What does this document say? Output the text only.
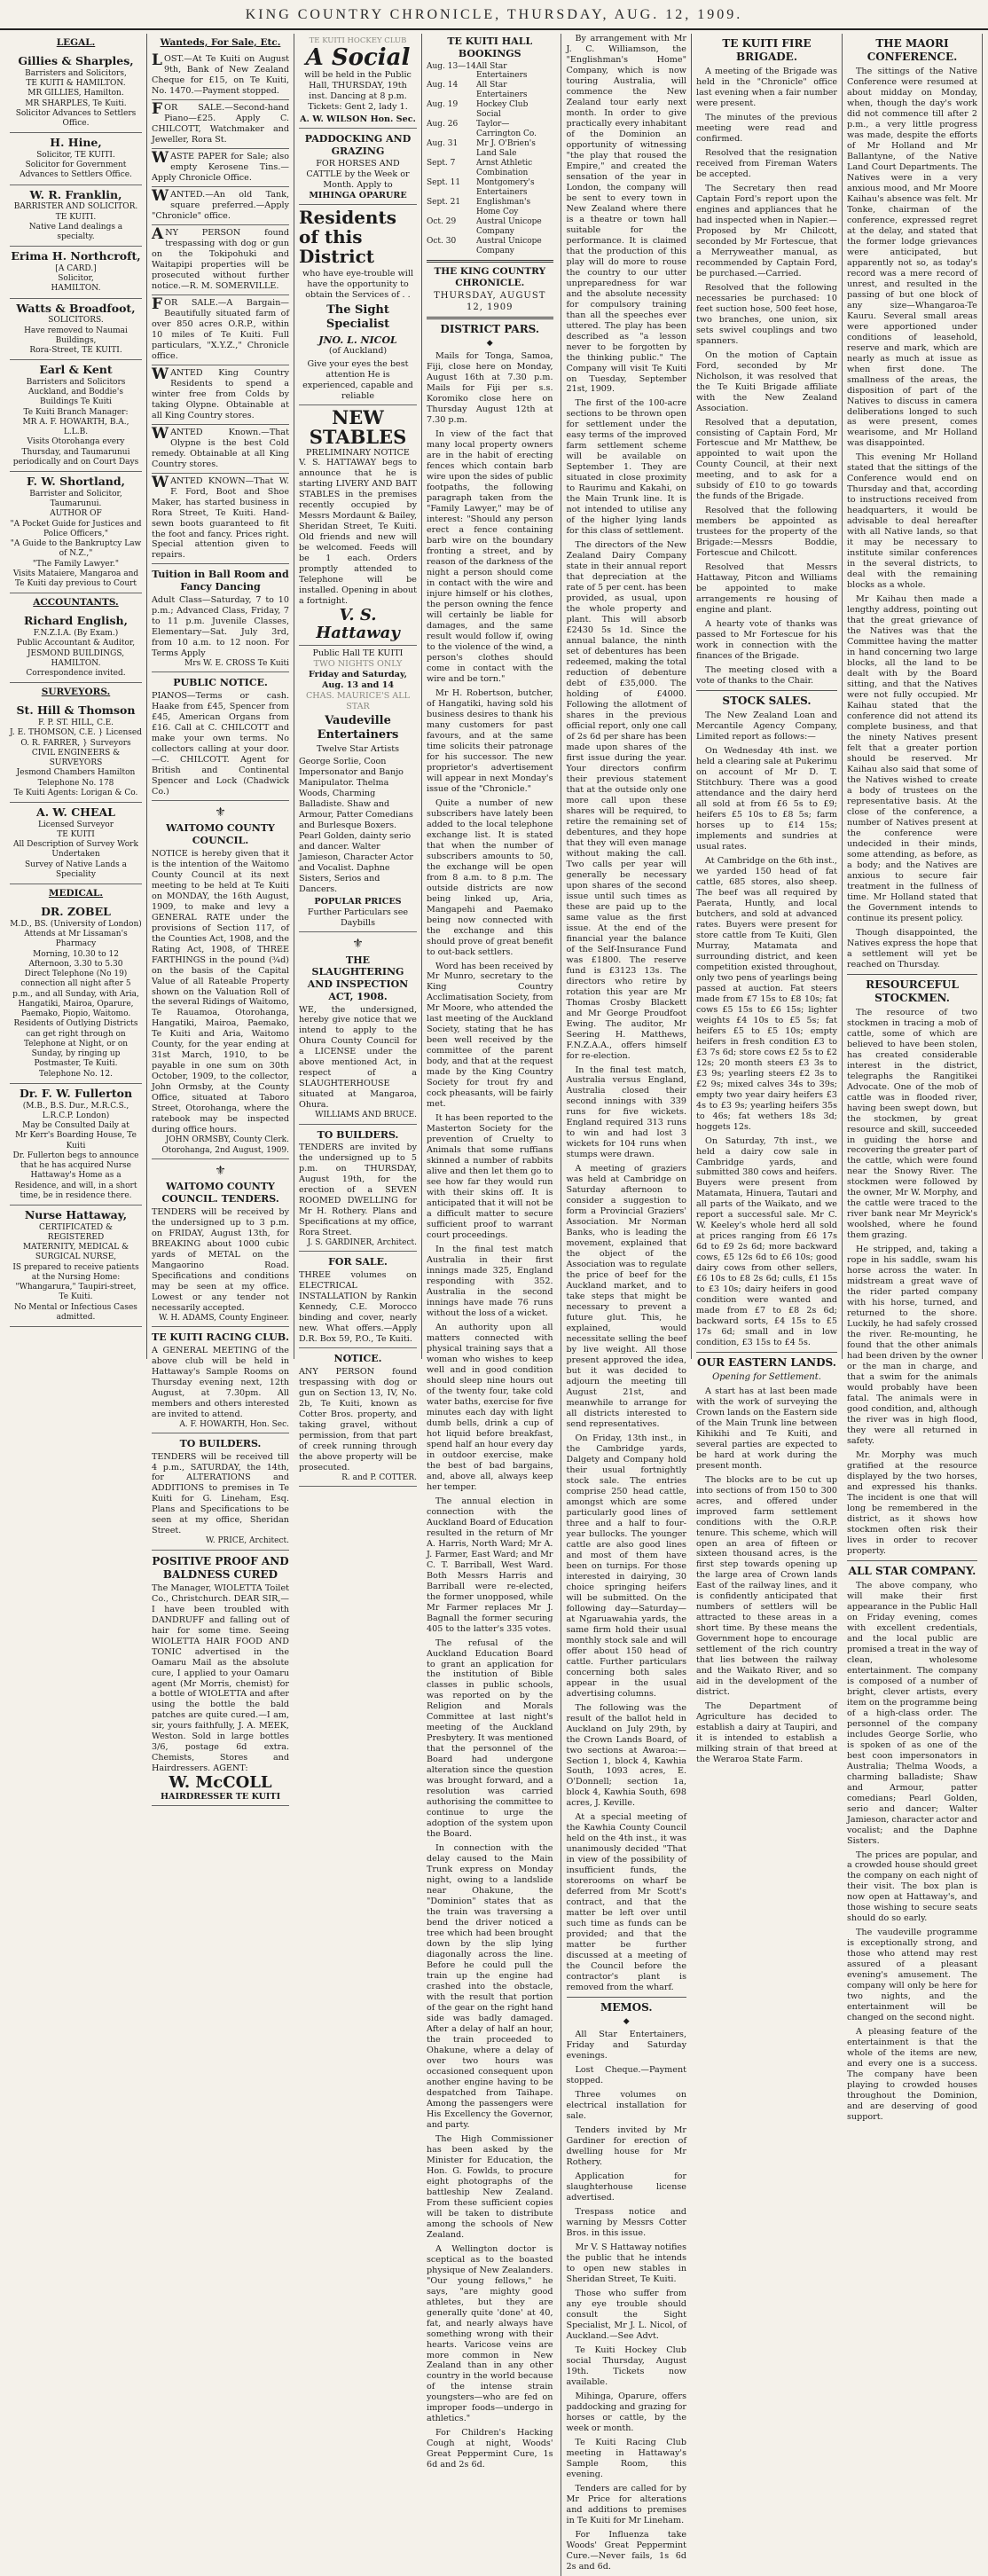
KING COUNTRY CHRONICLE, THURSDAY, AUG. 12, 1909.
LEGAL.
Gillies & Sharples,
Barristers and Solicitors,
TE KUITI & HAMILTON.
MR GILLIES, Hamilton.
MR SHARPLES, Te Kuiti.
Solicitor Advances to Settlers Office.
H. Hine,
Solicitor, TE KUITI.
Solicitor for Government Advances to Settlers Office.
W. R. Franklin,
BARRISTER AND SOLICITOR.
TE KUITI.
Native Land dealings a specialty.
Erima H. Northcroft,
[A CARD.]
Solicitor,
HAMILTON.
Watts & Broadfoot,
SOLICITORS.
Have removed to Naumai Buildings,
Rora-Street, TE KUITI.
Earl & Kent
Barristers and Solicitors
Auckland, and Boddie's Buildings Te Kuiti
Te Kuiti Branch Manager:
MR A. F. HOWARTH, B.A., L.L.B.
Visits Otorohanga every Thursday, and Taumarunui periodically and on Court Days
F. W. Shortland,
Barrister and Solicitor,
Taumarunui.
AUTHOR OF
"A Pocket Guide for Justices and Police Officers,"
"A Guide to the Bankruptcy Law of N.Z.,"
"The Family Lawyer."
Visits Mataiere, Mangaroa and Te Kuiti day previous to Court
ACCOUNTANTS.
Richard English,
F.N.Z.I.A. (By Exam.)
Public Accountant & Auditor,
JESMOND BUILDINGS,
HAMILTON.
Correspondence invited.
SURVEYORS.
St. Hill & Thomson
F. P. ST. HILL, C.E.
J. E. THOMSON, C.E. } Licensed
O. R. FARRER, } Surveyors
CIVIL ENGINEERS & SURVEYORS
Jesmond Chambers Hamilton
Telephone No. 178
Te Kuiti Agents: Lorigan & Co.
A. W. CHEAL
Licensed Surveyor
TE KUITI
All Description of Survey Work Undertaken
Survey of Native Lands a Speciality
MEDICAL.
DR. ZOBEL
M.D., BS. (University of London)
Attends at Mr Lissaman's Pharmacy
Morning, 10.30 to 12
Afternoon, 3.30 to 5.30
Direct Telephone (No 19) connection all night after 5 p.m., and all Sunday, with Aria, Hangatiki, Mairoa, Oparure, Paemako, Piopio, Waitomo.
Residents of Outlying Districts can get right through on Telephone at Night, or on Sunday, by ringing up Postmaster, Te Kuiti.
Telephone No. 12.
Dr. F. W. Fullerton
(M.B., B.S. Dur., M.R.C.S., L.R.C.P. London)
May be Consulted Daily at
Mr Kerr's Boarding House, Te Kuiti
Dr. Fullerton begs to announce that he has acquired Nurse Hattaway's Home as a Residence, and will, in a short time, be in residence there.
Nurse Hattaway,
CERTIFICATED & REGISTERED
MATERNITY, MEDICAL & SURGICAL NURSE,
IS prepared to receive patients at the Nursing Home:
"Whangarura," Taupiri-street, Te Kuiti.
No Mental or Infectious Cases admitted.
Wanteds, For Sale, Etc.
LOST.—At Te Kuiti on August 9th, Bank of New Zealand Cheque for £15, on Te Kuiti, No. 1470.—Payment stopped.
FOR SALE.—Second-hand Piano—£25. Apply C. CHILCOTT, Watchmaker and Jeweller, Rora St.
WASTE PAPER for Sale; also empty Kerosene Tins.—Apply Chronicle Office.
WANTED.—An old Tank, square preferred.—Apply "Chronicle" office.
ANY PERSON found trespassing with dog or gun on the Tokipohuki and Waitapipi properties will be prosecuted without further notice.—R. M. SOMERVILLE.
FOR SALE.—A Bargain—Beautifully situated farm of over 850 acres O.R.P., within 10 miles of Te Kuiti. Full particulars, "X.Y.Z.," Chronicle office.
WANTED King Country Residents to spend a winter free from Colds by taking Olypne. Obtainable at all King Country stores.
WANTED Known.—That Olypne is the best Cold remedy. Obtainable at all King Country stores.
WANTED KNOWN—That W. F. Ford, Boot and Shoe Maker, has started business in Rora Street, Te Kuiti. Hand-sewn boots guaranteed to fit the foot and fancy. Prices right. Special attention given to repairs.
Tuition in Ball Room and Fancy Dancing
Adult Class—Saturday, 7 to 10 p.m.; Advanced Class, Friday, 7 to 11 p.m. Juvenile Classes, Elementary—Sat. July 3rd, from 10 a.m. to 12 noon. For Terms Apply
Mrs W. E. CROSS Te Kuiti
PUBLIC NOTICE.
PIANOS—Terms or cash. Haake from £45, Spencer from £45, American Organs from £16. Call at C. CHILCOTT and make your own terms. No collectors calling at your door.—C. CHILCOTT. Agent for British and Continental Spencer and Lock (Chadwick Co.)
⚜
WAITOMO COUNTY COUNCIL.
NOTICE is hereby given that it is the intention of the Waitomo County Council at its next meeting to be held at Te Kuiti on MONDAY, the 16th August, 1909, to make and levy a GENERAL RATE under the provisions of Section 117, of the Counties Act, 1908, and the Rating Act, 1908, of THREE FARTHINGS in the pound (¾d) on the basis of the Capital Value of all Rateable Property shown on the Valuation Roll of the several Ridings of Waitomo, Te Rauamoa, Otorohanga, Hangatiki, Mairoa, Paemako, Te Kuiti and Aria, Waitomo County, for the year ending at 31st March, 1910, to be payable in one sum on 30th October, 1909, to the collector, John Ormsby, at the County Office, situated at Taboro Street, Otorohanga, where the ratebook may be inspected during office hours.
JOHN ORMSBY, County Clerk. Otorohanga, 2nd August, 1909.
⚜
WAITOMO COUNTY COUNCIL. TENDERS.
TENDERS will be received by the undersigned up to 3 p.m. on FRIDAY, August 13th, for BREAKING about 1000 cubic yards of METAL on the Mangaorino Road. Specifications and conditions may be seen at my office. Lowest or any tender not necessarily accepted.
W. H. ADAMS, County Engineer.
TE KUITI RACING CLUB.
A GENERAL MEETING of the above club will be held in Hattaway's Sample Rooms on Thursday evening next, 12th August, at 7.30pm. All members and others interested are invited to attend.
A. F. HOWARTH, Hon. Sec.
TO BUILDERS.
TENDERS will be received till 4 p.m., SATURDAY, the 14th, for ALTERATIONS and ADDITIONS to premises in Te Kuiti for G. Lineham, Esq. Plans and Specifications to be seen at my office, Sheridan Street.
W. PRICE, Architect.
POSITIVE PROOF AND BALDNESS CURED
The Manager, WIOLETTA Toilet Co., Christchurch. DEAR SIR,—I have been troubled with DANDRUFF and falling out of hair for some time. Seeing WIOLETTA HAIR FOOD AND TONIC advertised in the Oamaru Mail as the absolute cure, I applied to your Oamaru agent (Mr Morris, chemist) for a bottle of WIOLETTA and after using the bottle the bald patches are quite cured.—I am, sir, yours faithfully, J. A. MEEK, Weston. Sold in large bottles 3/6, postage 6d extra. Chemists, Stores and Hairdressers. AGENT:
W. McCOLL
HAIRDRESSER TE KUITI
TE KUITI HOCKEY CLUB
A Social
will be held in the Public Hall, THURSDAY, 19th inst. Dancing at 8 p.m. Tickets: Gent 2, lady 1.
A. W. WILSON Hon. Sec.
PADDOCKING AND GRAZING
FOR HORSES AND CATTLE by the Week or Month. Apply to
MIHINGA OPARURE
Residents of this District
who have eye-trouble will have the opportunity to obtain the Services of . .
The Sight Specialist
JNO. L. NICOL
(of Auckland)
Give your eyes the best attention He is experienced, capable and reliable
NEW STABLES
PRELIMINARY NOTICE
V. S. HATTAWAY begs to announce that he is starting LIVERY AND BAIT STABLES in the premises recently occupied by Messrs Mordaunt & Bailey, Sheridan Street, Te Kuiti. Old friends and new will be welcomed. Feeds will be 1 each. Orders promptly attended to Telephone will be installed. Opening in about a fortnight.
V. S. Hattaway
Public Hall TE KUITI
TWO NIGHTS ONLY
Friday and Saturday, Aug. 13 and 14
CHAS. MAURICE'S ALL STAR
Vaudeville Entertainers
Twelve Star Artists
George Sorlie, Coon Impersonator and Banjo Manipulator. Thelma Woods, Charming Balladiste. Shaw and Armour, Patter Comedians and Burlesque Boxers. Pearl Golden, dainty serio and dancer. Walter Jamieson, Character Actor and Vocalist. Daphne Sisters, Serios and Dancers.
POPULAR PRICES
Further Particulars see Daybills
⚜
THE SLAUGHTERING AND INSPECTION ACT, 1908.
WE, the undersigned, hereby give notice that we intend to apply to the Ohura County Council for a LICENSE under the above mentioned Act, in respect of a SLAUGHTERHOUSE situated at Mangaroa, Ohura.
WILLIAMS AND BRUCE.
TO BUILDERS.
TENDERS are invited by the undersigned up to 5 p.m. on THURSDAY, August 19th, for the erection of a SEVEN ROOMED DWELLING for Mr H. Rothery. Plans and Specifications at my office, Rora Street.
J. S. GARDINER, Architect.
FOR SALE.
THREE volumes on ELECTRICAL INSTALLATION by Rankin Kennedy, C.E. Morocco binding and cover, nearly new. What offers.—Apply D.R. Box 59, P.O., Te Kuiti.
NOTICE.
ANY PERSON found trespassing with dog or gun on Section 13, IV, No. 2b, Te Kuiti, known as Cotter Bros. property, and taking gravel, without permission, from that part of creek running through the above property will be prosecuted.
R. and P. COTTER.
TE KUITI HALL BOOKINGS
Aug. 13—14 All Star Entertainers
Aug. 14	All Star Entertainers
Aug. 19	Hockey Club Social
Aug. 26	Taylor—Carrington Co.
Aug. 31	Mr J. O'Brien's Land Sale
Sept. 7	Arnst Athletic Combination
Sept. 11	Montgomery's Entertainers
Sept. 21	Englishman's Home Coy
Oct. 29	Austral Unicope Company
Oct. 30	Austral Unicope Company
THE KING COUNTRY CHRONICLE.
THURSDAY, AUGUST 12, 1909
DISTRICT PARS.
◆

Mails for Tonga, Samoa, Fiji, close here on Monday, August 16th at 7.30 p.m. Mails for Fiji per s.s. Koromiko close here on Thursday August 12th at 7.30 p.m.

In view of the fact that many local property owners are in the habit of erecting fences which contain barb wire upon the sides of public footpaths, the following paragraph taken from the "Family Lawyer," may be of interest: "Should any person erect a fence containing barb wire on the boundary fronting a street, and by reason of the darkness of the night a person should come in contact with the wire and injure himself or his clothes, the person owning the fence will certainly be liable for damages, and the same result would follow if, owing to the violence of the wind, a person's clothes should come in contact with the wire and be torn."

Mr H. Robertson, butcher, of Hangatiki, having sold his business desires to thank his many customers for past favours, and at the same time solicits their patronage for his successor. The new proprietor's advertisement will appear in next Monday's issue of the "Chronicle."

Quite a number of new subscribers have lately been added to the local telephone exchange list. It is stated that when the number of subscribers amounts to 50, the exchange will be open from 8 a.m. to 8 p.m. The outside districts are now being linked up, Aria, Mangapehi and Paemako being now connected with the exchange and this should prove of great benefit to out-back settlers.

Word has been received by Mr Munro, secretary to the King Country Acclimatisation Society, from Mr Moore, who attended the last meeting of the Auckland Society, stating that he has been well received by the committee of the parent body, and that at the request made by the King Country Society for trout fry and cock pheasants, will be fairly met.

It has been reported to the Masterton Society for the prevention of Cruelty to Animals that some ruffians skinned a number of rabbits alive and then let them go to see how far they would run with their skins off. It is anticipated that it will not be a difficult matter to secure sufficient proof to warrant court proceedings.

In the final test match Australia in their first innings made 325, England responding with 352. Australia in the second innings have made 76 runs without the loss of a wicket.

An authority upon all matters connected with physical training says that a woman who wishes to keep well and in good condition should sleep nine hours out of the twenty four, take cold water baths, exercise for five minutes each day with light dumb bells, drink a cup of hot liquid before breakfast, spend half an hour every day in outdoor exercise, make the best of bad bargains, and, above all, always keep her temper.

The annual election in connection with the Auckland Board of Education resulted in the return of Mr A. Harris, North Ward; Mr A. J. Farmer, East Ward; and Mr C. T. Barriball, West Ward. Both Messrs Harris and Barriball were re-elected, the former unopposed, while Mr Farmer replaces Mr J. Bagnall the former securing 405 to the latter's 335 votes.

The refusal of the Auckland Education Board to grant an application for the institution of Bible classes in public schools, was reported on by the Religion and Morals Committee at last night's meeting of the Auckland Presbytery. It was mentioned that the personnel of the Board had undergone alteration since the question was brought forward, and a resolution was carried authorising the committee to continue to urge the adoption of the system upon the Board.

In connection with the delay caused to the Main Trunk express on Monday night, owing to a landslide near Ohakune, the "Dominion" states that as the train was traversing a bend the driver noticed a tree which had been brought down by the slip lying diagonally across the line. Before he could pull the train up the engine had crashed into the obstacle, with the result that portion of the gear on the right hand side was badly damaged. After a delay of half an hour, the train proceeded to Ohakune, where a delay of over two hours was occasioned consequent upon another engine having to be despatched from Taihape. Among the passengers were His Excellency the Governor, and party.

The High Commissioner has been asked by the Minister for Education, the Hon. G. Fowlds, to procure eight photographs of the battleship New Zealand. From these sufficient copies will be taken to distribute among the schools of New Zealand.

A Wellington doctor is sceptical as to the boasted physique of New Zealanders. "Our young fellows," he says, "are mighty good athletes, but they are generally quite 'done' at 40, fat, and nearly always have something wrong with their hearts. Varicose veins are more common in New Zealand than in any other country in the world because of the intense strain youngsters—who are fed on improper foods—undergo in athletics."

For Children's Hacking Cough at night, Woods' Great Peppermint Cure, 1s 6d and 2s 6d.

By arrangement with Mr J. C. Williamson, the "Englishman's Home" Company, which is now touring Australia, will commence the New Zealand tour early next month. In order to give practically every inhabitant of the Dominion an opportunity of witnessing "the play that roused the Empire," and created the sensation of the year in London, the company will be sent to every town in New Zealand where there is a theatre or town hall suitable for the performance. It is claimed that the production of this play will do more to rouse the country to our utter unpreparedness for war and the absolute necessity for compulsory training than all the speeches ever uttered. The play has been described as "a lesson never to be forgotten by the thinking public." The Company will visit Te Kuiti on Tuesday, September 21st, 1909.

The first of the 100-acre sections to be thrown open for settlement under the easy terms of the improved farm settlement scheme will be available on September 1. They are situated in close proximity to Raurimu and Kakahi, on the Main Trunk line. It is not intended to utilise any of the higher lying lands for this class of settlement.

The directors of the New Zealand Dairy Company state in their annual report that depreciation at the rate of 5 per cent. has been provided, as usual, upon the whole property and plant. This will absorb £2430 5s 1d. Since the annual balance, the ninth set of debentures has been redeemed, making the total reduction of debenture debt of £35,000. The holding of £4000. Following the allotment of shares in the previous official report, only one call of 2s 6d per share has been made upon shares of the first issue during the year. Your directors confirm their previous statement that at the outside only one more call upon these shares will be required, to retire the remaining set of debentures, and they hope that they will even manage without making the call. Two calls per year will generally be necessary upon shares of the second issue until such times as these are paid up to the same value as the first issue. At the end of the financial year the balance of the Self-Insurance Fund was £1800. The reserve fund is £3123 13s. The directors who retire by rotation this year are Mr Thomas Crosby Blackett and Mr George Proudfoot Ewing. The auditor, Mr Seering H. Matthews, F.N.Z.A.A., offers himself for re-election.

In the final test match, Australia versus England, Australia closed their second innings with 339 runs for five wickets. England required 313 runs to win and had lost 3 wickets for 104 runs when stumps were drawn.

A meeting of graziers was held at Cambridge on Saturday afternoon to consider a suggestion to form a Provincial Graziers' Association. Mr Norman Banks, who is leading the movement, explained that the object of the Association was to regulate the price of beef for the Auckland market, and to take steps that might be necessary to prevent a future glut. This, he explained, would necessitate selling the beef by live weight. All those present approved the idea, but it was decided to adjourn the meeting till August 21st, and meanwhile to arrange for all districts interested to send representatives.

On Friday, 13th inst., in the Cambridge yards, Dalgety and Company hold their usual fortnightly stock sale. The entries comprise 250 head cattle, amongst which are some particularly good lines of three and a half to four-year bullocks. The younger cattle are also good lines and most of them have been on turnips. For those interested in dairying, 30 choice springing heifers will be submitted. On the following day—Saturday—at Ngaruawahia yards, the same firm hold their usual monthly stock sale and will offer about 150 head of cattle. Further particulars concerning both sales appear in the usual advertising columns.

The following was the result of the ballot held in Auckland on July 29th, by the Crown Lands Board, of two sections at Awaroa:—Section 1, block 4, Kawhia South, 1093 acres, E. O'Donnell; section 1a, block 4, Kawhia South, 698 acres, J. Keville.

At a special meeting of the Kawhia County Council held on the 4th inst., it was unanimously decided "That in view of the possibility of insufficient funds, the storerooms on wharf be deferred from Mr Scott's contract, and that the matter be left over until such time as funds can be provided; and that the matter be further discussed at a meeting of the Council before the contractor's plant is removed from the wharf.

MEMOS.
◆

All Star Entertainers, Friday and Saturday evenings.

Lost Cheque.—Payment stopped.

Three volumes on electrical installation for sale.

Tenders invited by Mr Gardiner for erection of dwelling house for Mr Rothery.

Application for slaughterhouse license advertised.

Trespass notice and warning by Messrs Cotter Bros. in this issue.

Mr V. S Hattaway notifies the public that he intends to open new stables in Sheridan Street, Te Kuiti.

Those who suffer from any eye trouble should consult the Sight Specialist, Mr J. L. Nicol, of Auckland.—See Advt.

Te Kuiti Hockey Club social Thursday, August 19th. Tickets now available.

Mihinga, Oparure, offers paddocking and grazing for horses or cattle, by the week or month.

Te Kuiti Racing Club meeting in Hattaway's Sample Room, this evening.

Tenders are called for by Mr Price for alterations and additions to premises in Te Kuiti for Mr Lineham.

For Influenza take Woods' Great Peppermint Cure.—Never fails, 1s 6d 2s and 6d.

TE KUITI FIRE BRIGADE.

A meeting of the Brigade was held in the "Chronicle" office last evening when a fair number were present.

The minutes of the previous meeting were read and confirmed.

Resolved that the resignation received from Fireman Waters be accepted.

The Secretary then read Captain Ford's report upon the engines and appliances that he had inspected when in Napier.—Proposed by Mr Chilcott, seconded by Mr Fortescue, that a Merryweather manual, as recommended by Captain Ford, be purchased.—Carried.

Resolved that the following necessaries be purchased: 10 feet suction hose, 500 feet hose, two branches, one union, six sets swivel couplings and two spanners.

On the motion of Captain Ford, seconded by Mr Nicholson, it was resolved that the Te Kuiti Brigade affiliate with the New Zealand Association.

Resolved that a deputation, consisting of Captain Ford, Mr Fortescue and Mr Matthew, be appointed to wait upon the County Council, at their next meeting, and to ask for a subsidy of £10 to go towards the funds of the Brigade.

Resolved that the following members be appointed as trustees for the property of the Brigade:—Messrs Boddie, Fortescue and Chilcott.

Resolved that Messrs Hattaway, Pitcon and Williams be appointed to make arrangements re housing of engine and plant.

A hearty vote of thanks was passed to Mr Fortescue for his work in connection with the finances of the Brigade.

The meeting closed with a vote of thanks to the Chair.

STOCK SALES.

The New Zealand Loan and Mercantile Agency Company, Limited report as follows:—

On Wednesday 4th inst. we held a clearing sale at Pukerimu on account of Mr D. T. Stitchbury. There was a good attendance and the dairy herd all sold at from £6 5s to £9; heifers £5 10s to £8 5s; farm horses up to £14 15s; implements and sundries at usual rates.

At Cambridge on the 6th inst., we yarded 150 head of fat cattle, 685 stores, also sheep. The beef was all required by Paerata, Huntly, and local butchers, and sold at advanced rates. Buyers were present for store cattle from Te Kuiti, Glen Murray, Matamata and surrounding district, and keen competition existed throughout, only two pens of yearlings being passed at auction. Fat steers made from £7 15s to £8 10s; fat cows £5 15s to £6 15s; lighter weights £4 10s to £5 5s; fat heifers £5 to £5 10s; empty heifers in fresh condition £3 to £3 7s 6d; store cows £2 5s to £2 12s; 20 month steers £3 3s to £3 9s; yearling steers £2 3s to £2 9s; mixed calves 34s to 39s; empty two year dairy heifers £3 4s to £3 9s; yearling heifers 35s to 46s; fat wethers 18s 3d; hoggets 12s.

On Saturday, 7th inst., we held a dairy cow sale in Cambridge yards, and submitted 380 cows and heifers. Buyers were present from Matamata, Hinuera, Tautari and all parts of the Waikato, and we report a successful sale. Mr C. W. Keeley's whole herd all sold at prices ranging from £6 17s 6d to £9 2s 6d; more backward cows, £5 12s 6d to £6 10s; good dairy cows from other sellers, £6 10s to £8 2s 6d; culls, £1 15s to £3 10s; dairy heifers in good condition were wanted and made from £7 to £8 2s 6d; backward sorts, £4 15s to £5 17s 6d; small and in low condition, £3 15s to £4 5s.

OUR EASTERN LANDS.
Opening for Settlement.

A start has at last been made with the work of surveying the Crown lands on the Eastern side of the Main Trunk line between Kihikihi and Te Kuiti, and several parties are expected to be hard at work during the present month.

The blocks are to be cut up into sections of from 150 to 300 acres, and offered under improved farm settlement conditions with the O.R.P. tenure. This scheme, which will open an area of fifteen or sixteen thousand acres, is the first step towards opening up the large area of Crown lands East of the railway lines, and it is confidently anticipated that numbers of settlers will be attracted to these areas in a short time. By these means the Government hope to encourage settlement of the rich country that lies between the railway and the Waikato River, and so aid in the development of the district.

The Department of Agriculture has decided to establish a dairy at Taupiri, and it is intended to establish a milking strain of that breed at the Weraroa State Farm.

THE MAORI CONFERENCE.

The sittings of the Native Conference were resumed at about midday on Monday, when, though the day's work did not commence till after 2 p.m., a very little progress was made, despite the efforts of Mr Holland and Mr Ballantyne, of the Native Land Court Departments. The Natives were in a very anxious mood, and Mr Moore Kaihau's absence was felt. Mr Tonke, chairman of the conference, expressed regret at the delay, and stated that the former lodge grievances were anticipated, but apparently not so, as today's record was a mere record of unrest, and resulted in the passing of but one block of any size—Whangaroa-Te Kauru. Several small areas were apportioned under conditions of leasehold, reserve and mark, which are nearly as much at issue as when first done. The smallness of the areas, the disposition of part of the Natives to discuss in camera deliberations longed to such as were present, comes wearisome, and Mr Holland was disappointed.

This evening Mr Holland stated that the sittings of the Conference would end on Thursday and that, according to instructions received from headquarters, it would be advisable to deal hereafter with all Native lands, so that it may be necessary to institute similar conferences in the several districts, to deal with the remaining blocks as a whole.

Mr Kaihau then made a lengthy address, pointing out that the great grievance of the Natives was that the Committee having the matter in hand concerning two large blocks, all the land to be dealt with by the Board sitting, and that the Natives were not fully occupied. Mr Kaihau stated that the conference did not attend its complete business, and that the ninety Natives present felt that a greater portion should be reserved. Mr Kaihau also said that some of the Natives wished to create a body of trustees on the representative basis. At the close of the conference, a number of Natives present at the conference were undecided in their minds, some attending, as before, as a body; and the Natives are anxious to secure fair treatment in the fullness of time. Mr Holland stated that the Government intends to continue its present policy.

Though disappointed, the Natives express the hope that a settlement will yet be reached on Thursday.

RESOURCEFUL STOCKMEN.

The resource of two stockmen in tracing a mob of cattle, some of which are believed to have been stolen, has created considerable interest in the district, telegraphs the Rangitikei Advocate. One of the mob of cattle was in flooded river, having been swept down, but the stockmen, by great resource and skill, succeeded in guiding the horse and recovering the greater part of the cattle, which were found near the Snowy River. The stockmen were followed by the owner, Mr W. Morphy, and the cattle were traced to the river bank near Mr Meyrick's woolshed, where he found them grazing.

He stripped, and, taking a rope in his saddle, swam his horse across the water. In midstream a great wave of the rider parted company with his horse, turned, and returned to the shore. Luckily, he had safely crossed the river. Re-mounting, he found that the other animals had been driven by the owner or the man in charge, and that a swim for the animals would probably have been fatal. The animals were in good condition, and, although the river was in high flood, they were all returned in safety.

Mr. Morphy was much gratified at the resource displayed by the two horses, and expressed his thanks. The incident is one that will long be remembered in the district, as it shows how stockmen often risk their lives in order to recover property.

ALL STAR COMPANY.

The above company, who will make their first appearance in the Public Hall on Friday evening, comes with excellent credentials, and the local public are promised a treat in the way of clean, wholesome entertainment. The company is composed of a number of bright, clever artists, every item on the programme being of a high-class order. The personnel of the company includes George Sorlie, who is spoken of as one of the best coon impersonators in Australia; Thelma Woods, a charming balladiste; Shaw and Armour, patter comedians; Pearl Golden, serio and dancer; Walter Jamieson, character actor and vocalist; and the Daphne Sisters.

The prices are popular, and a crowded house should greet the company on each night of their visit. The box plan is now open at Hattaway's, and those wishing to secure seats should do so early.

The vaudeville programme is exceptionally strong, and those who attend may rest assured of a pleasant evening's amusement. The company will only be here for two nights, and the entertainment will be changed on the second night.

A pleasing feature of the entertainment is that the whole of the items are new, and every one is a success. The company have been playing to crowded houses throughout the Dominion, and are deserving of good support.
